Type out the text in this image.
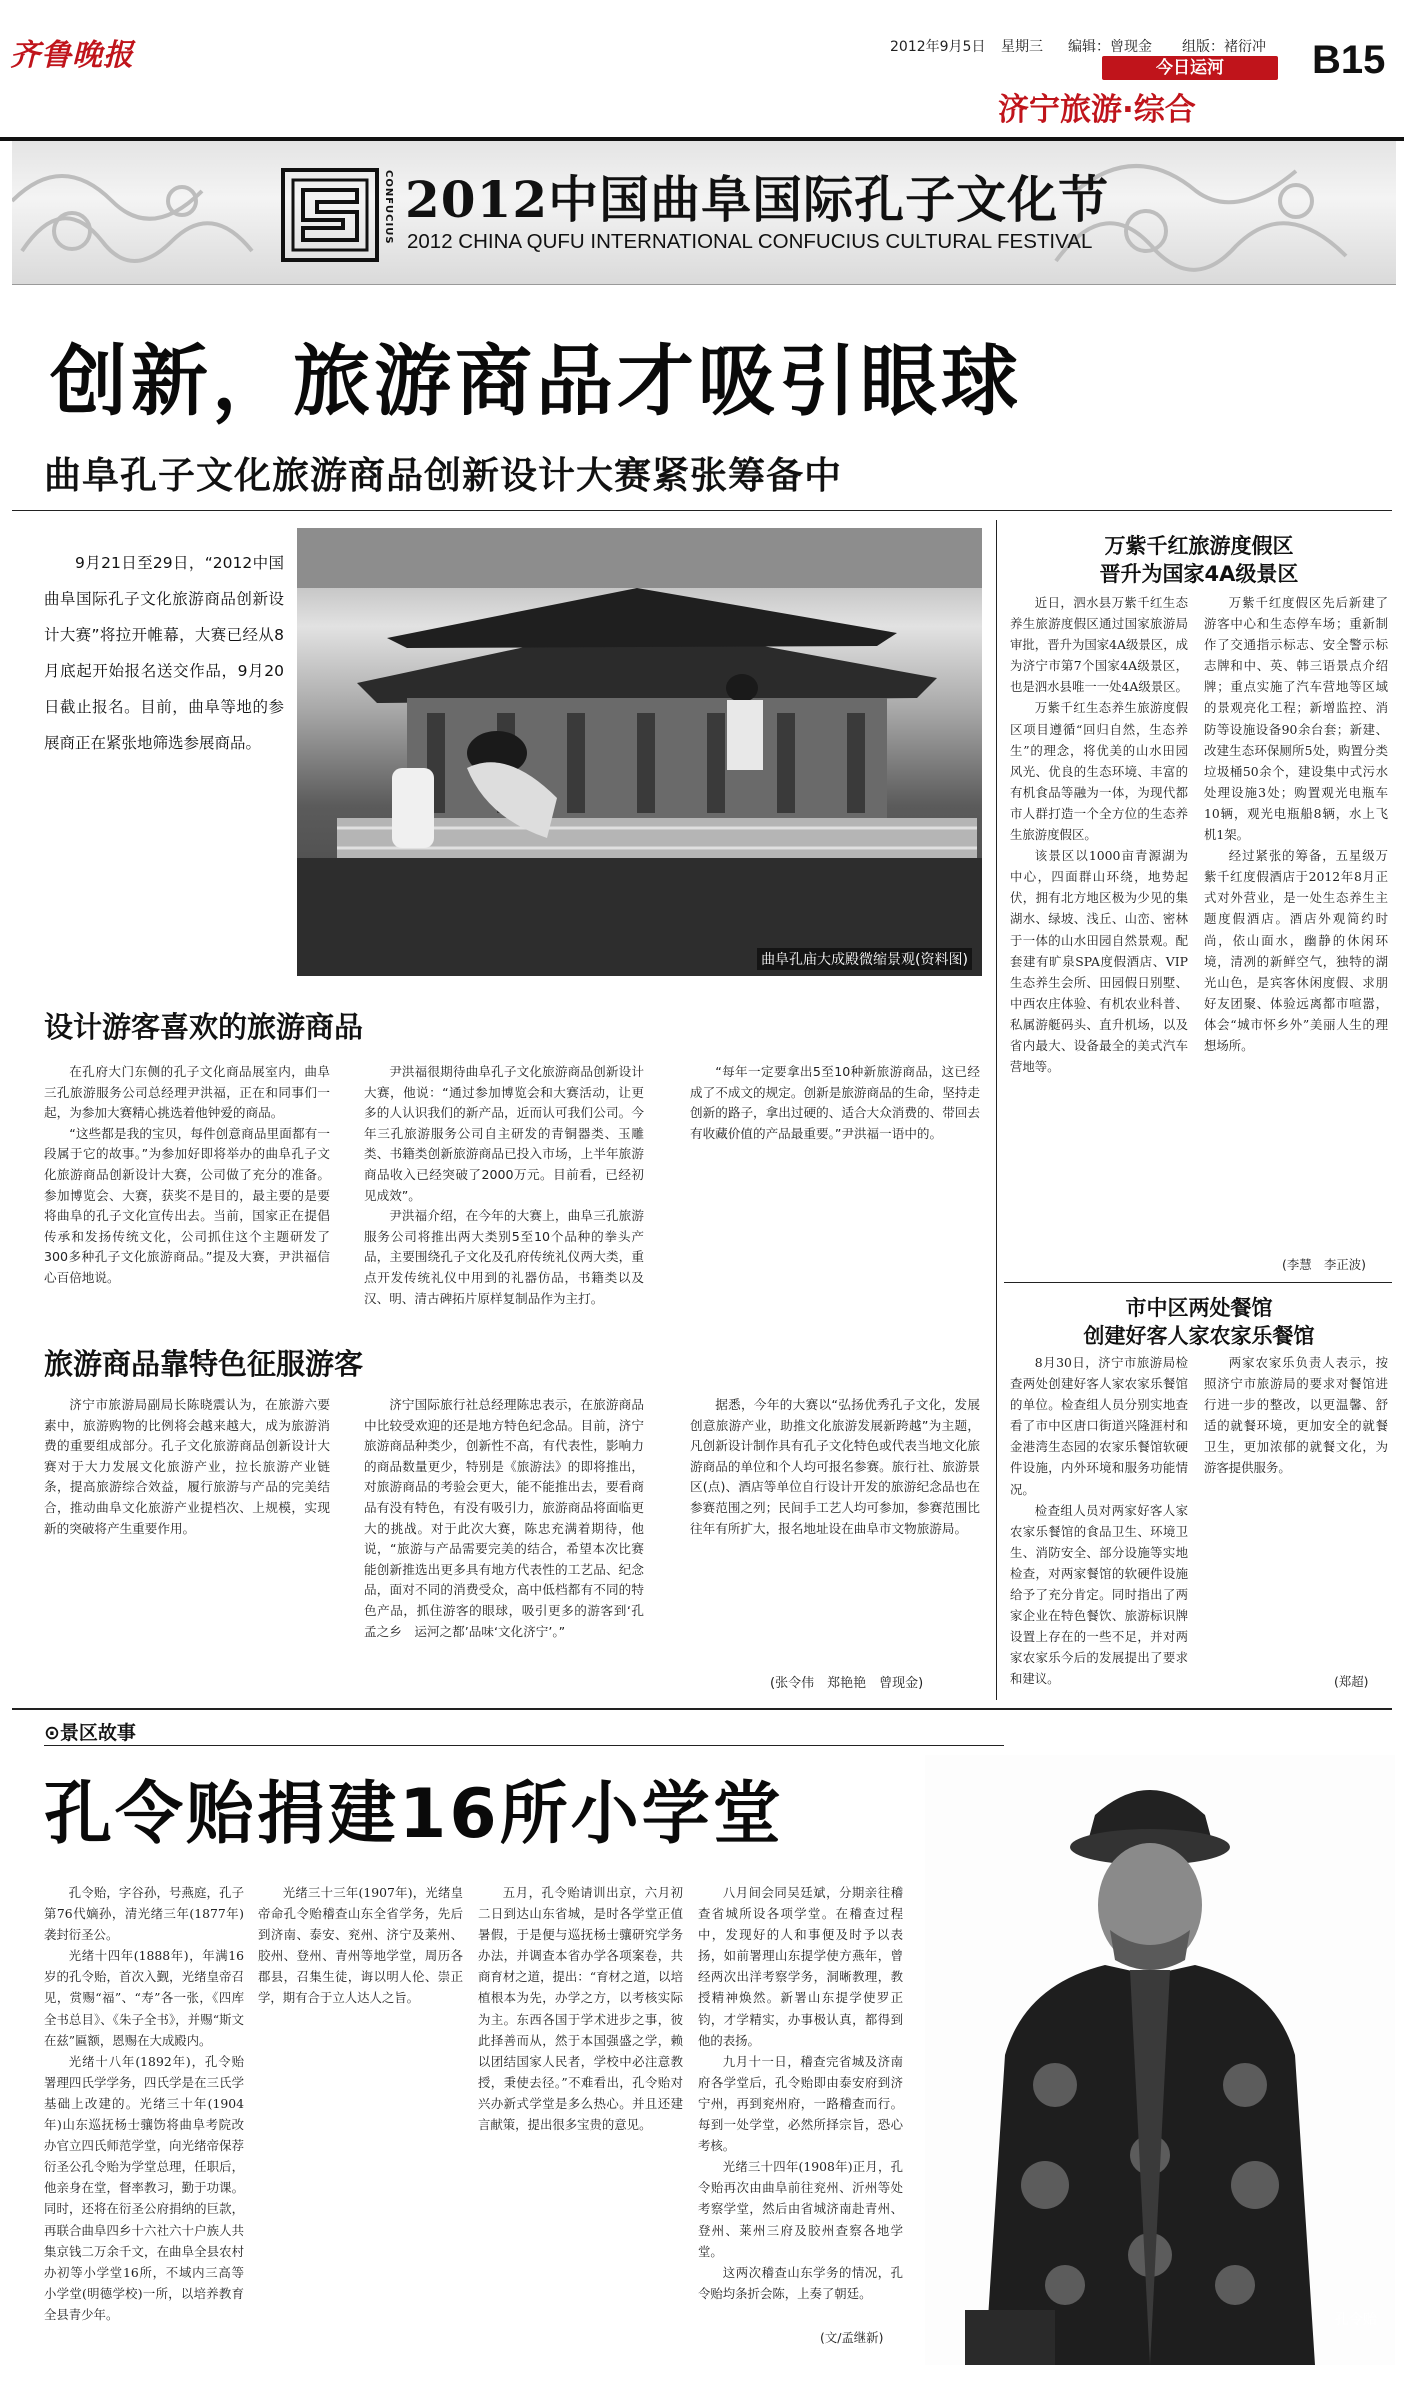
齐鲁晚报	2012年9月5日 星期三 编辑：曾现金 组版：褚衍冲
今日运河
济宁旅游·综合
B15
CONFUCIUS 2012中国曲阜国际孔子文化节
2012 CHINA QUFU INTERNATIONAL CONFUCIUS CULTURAL FESTIVAL
创新，旅游商品才吸引眼球
曲阜孔子文化旅游商品创新设计大赛紧张筹备中
9月21日至29日，“2012中国曲阜国际孔子文化旅游商品创新设计大赛”将拉开帷幕，大赛已经从8月底起开始报名送交作品，9月20日截止报名。目前，曲阜等地的参展商正在紧张地筛选参展商品。
曲阜孔庙大成殿微缩景观(资料图)
设计游客喜欢的旅游商品

在孔府大门东侧的孔子文化商品展室内，曲阜三孔旅游服务公司总经理尹洪福，正在和同事们一起，为参加大赛精心挑选着他钟爱的商品。

“这些都是我的宝贝，每件创意商品里面都有一段属于它的故事。”为参加好即将举办的曲阜孔子文化旅游商品创新设计大赛，公司做了充分的准备。参加博览会、大赛，获奖不是目的，最主要的是要将曲阜的孔子文化宣传出去。当前，国家正在提倡传承和发扬传统文化，公司抓住这个主题研发了300多种孔子文化旅游商品。”提及大赛，尹洪福信心百倍地说。

尹洪福很期待曲阜孔子文化旅游商品创新设计大赛，他说：“通过参加博览会和大赛活动，让更多的人认识我们的新产品，近而认可我们公司。今年三孔旅游服务公司自主研发的青铜器类、玉雕类、书籍类创新旅游商品已投入市场，上半年旅游商品收入已经突破了2000万元。目前看，已经初见成效”。

尹洪福介绍，在今年的大赛上，曲阜三孔旅游服务公司将推出两大类别5至10个品种的拳头产品，主要围绕孔子文化及孔府传统礼仪两大类，重点开发传统礼仪中用到的礼器仿品，书籍类以及汉、明、清古碑拓片原样复制品作为主打。

“每年一定要拿出5至10种新旅游商品，这已经成了不成文的规定。创新是旅游商品的生命，坚持走创新的路子，拿出过硬的、适合大众消费的、带回去有收藏价值的产品最重要。”尹洪福一语中的。

旅游商品靠特色征服游客

济宁市旅游局副局长陈晓震认为，在旅游六要素中，旅游购物的比例将会越来越大，成为旅游消费的重要组成部分。孔子文化旅游商品创新设计大赛对于大力发展文化旅游产业，拉长旅游产业链条，提高旅游综合效益，履行旅游与产品的完美结合，推动曲阜文化旅游产业提档次、上规模，实现新的突破将产生重要作用。

济宁国际旅行社总经理陈忠表示，在旅游商品中比较受欢迎的还是地方特色纪念品。目前，济宁旅游商品种类少，创新性不高，有代表性，影响力的商品数量更少，特别是《旅游法》的即将推出，对旅游商品的考验会更大，能不能推出去，要看商品有没有特色，有没有吸引力，旅游商品将面临更大的挑战。对于此次大赛，陈忠充满着期待，他说，“旅游与产品需要完美的结合，希望本次比赛能创新推选出更多具有地方代表性的工艺品、纪念品，面对不同的消费受众，高中低档都有不同的特色产品，抓住游客的眼球，吸引更多的游客到‘孔孟之乡　运河之都’品味‘文化济宁’。”

据悉，今年的大赛以“弘扬优秀孔子文化，发展创意旅游产业，助推文化旅游发展新跨越”为主题，凡创新设计制作具有孔子文化特色或代表当地文化旅游商品的单位和个人均可报名参赛。旅行社、旅游景区(点)、酒店等单位自行设计开发的旅游纪念品也在参赛范围之列；民间手工艺人均可参加，参赛范围比往年有所扩大，报名地址设在曲阜市文物旅游局。

(张令伟　郑艳艳　曾现金)
万紫千红旅游度假区
晋升为国家4A级景区

近日，泗水县万紫千红生态养生旅游度假区通过国家旅游局审批，晋升为国家4A级景区，成为济宁市第7个国家4A级景区，也是泗水县唯一一处4A级景区。

万紫千红生态养生旅游度假区项目遵循“回归自然，生态养生”的理念，将优美的山水田园风光、优良的生态环境、丰富的有机食品等融为一体，为现代都市人群打造一个全方位的生态养生旅游度假区。

该景区以1000亩青源湖为中心，四面群山环绕，地势起伏，拥有北方地区极为少见的集湖水、绿坡、浅丘、山峦、密林于一体的山水田园自然景观。配套建有旷泉SPA度假酒店、VIP生态养生会所、田园假日别墅、中西农庄体验、有机农业科普、私属游艇码头、直升机场，以及省内最大、设备最全的美式汽车营地等。

万紫千红度假区先后新建了游客中心和生态停车场；重新制作了交通指示标志、安全警示标志牌和中、英、韩三语景点介绍牌；重点实施了汽车营地等区域的景观亮化工程；新增监控、消防等设施设备90余台套；新建、改建生态环保厕所5处，购置分类垃圾桶50余个，建设集中式污水处理设施3处；购置观光电瓶车10辆，观光电瓶船8辆，水上飞机1架。

经过紧张的筹备，五星级万紫千红度假酒店于2012年8月正式对外营业，是一处生态养生主题度假酒店。酒店外观简约时尚，依山面水，幽静的休闲环境，清冽的新鲜空气，独特的湖光山色，是宾客休闲度假、求朋好友团聚、体验远离都市喧嚣，体会“城市怀乡外”美丽人生的理想场所。

(李慧　李正波)
市中区两处餐馆
创建好客人家农家乐餐馆

8月30日，济宁市旅游局检查两处创建好客人家农家乐餐馆的单位。检查组人员分别实地查看了市中区唐口街道兴隆涯村和金港湾生态园的农家乐餐馆软硬件设施，内外环境和服务功能情况。

检查组人员对两家好客人家农家乐餐馆的食品卫生、环境卫生、消防安全、部分设施等实地检查，对两家餐馆的软硬件设施给予了充分肯定。同时指出了两家企业在特色餐饮、旅游标识牌设置上存在的一些不足，并对两家农家乐今后的发展提出了要求和建议。

两家农家乐负责人表示，按照济宁市旅游局的要求对餐馆进行进一步的整改，以更温馨、舒适的就餐环境，更加安全的就餐卫生，更加浓郁的就餐文化，为游客提供服务。

(郑超)
⊙景区故事
孔令贻捐建16所小学堂

孔令贻，字谷孙，号燕庭，孔子第76代嫡孙，清光绪三年(1877年)袭封衍圣公。

光绪十四年(1888年)，年满16岁的孔令贻，首次入觐，光绪皇帝召见，赏赐“福”、“寿”各一张，《四库全书总目》、《朱子全书》，并赐“斯文在兹”匾额，恩赐在大成殿内。

光绪十八年(1892年)，孔令贻署理四氏学学务，四氏学是在三氏学基础上改建的。光绪三十年(1904年)山东巡抚杨士骧饬将曲阜考院改办官立四氏师范学堂，向光绪帝保荐衍圣公孔令贻为学堂总理，任职后，他亲身在堂，督率教习，勤于功课。同时，还将在衍圣公府捐纳的巨款，再联合曲阜四乡十六社六十户族人共集京钱二万余千文，在曲阜全县农村办初等小学堂16所，不域内三高等小学堂(明德学校)一所，以培养教育全县青少年。

光绪三十三年(1907年)，光绪皇帝命孔令贻稽查山东全省学务，先后到济南、泰安、兖州、济宁及莱州、胶州、登州、青州等地学堂，周历各郡县，召集生徒，诲以明人伦、崇正学，期有合于立人达人之旨。

五月，孔令贻请训出京，六月初二日到达山东省城，是时各学堂正值暑假，于是便与巡抚杨士骧研究学务办法，并调查本省办学各项案卷，共商育材之道，提出：“育材之道，以培植根本为先，办学之方，以考核实际为主。东西各国于学术进步之事，彼此择善而从，然于本国强盛之学，赖以团结国家人民者，学校中必注意教授，秉使去径。”不难看出，孔令贻对兴办新式学堂是多么热心。并且还建言献策，提出很多宝贵的意见。

八月间会同吴廷斌，分期亲往稽查省城所设各项学堂。在稽查过程中，发现好的人和事便及时予以表扬，如前署理山东提学使方燕年，曾经两次出洋考察学务，洞晰教理，教授精神焕然。新署山东提学使罗正钧，才学精实，办事极认真，都得到他的表扬。

九月十一日，稽查完省城及济南府各学堂后，孔令贻即由泰安府到济宁州，再到兖州府，一路稽查而行。每到一处学堂，必然所择宗旨，恐心考核。

光绪三十四年(1908年)正月，孔令贻再次由曲阜前往兖州、沂州等处考察学堂，然后由省城济南赴青州、登州、莱州三府及胶州查察各地学堂。

这两次稽查山东学务的情况，孔令贻均条折会陈，上奏了朝廷。

(文/孟继新)
孔令贻
